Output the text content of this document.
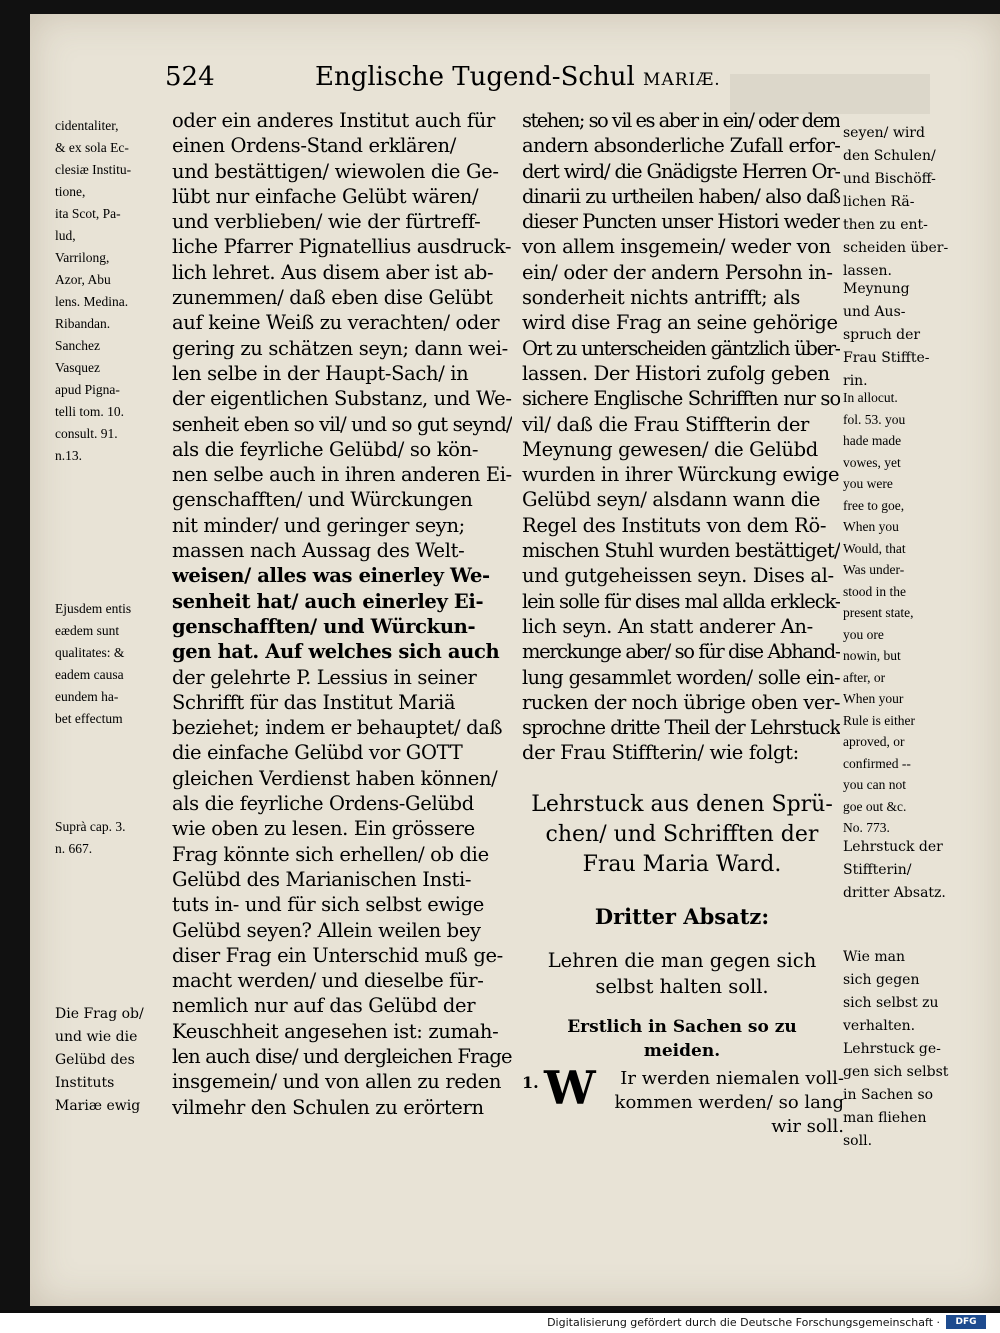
524	Englische Tugend-Schul MARIÆ.
cidentaliter,
& ex sola Ec-
clesiæ Institu-
tione,
ita Scot, Pa-
lud,
Varrilong,
Azor, Abu
lens. Medina.
Ribandan.
Sanchez
Vasquez
apud Pigna-
telli tom. 10.
consult. 91.
n.13.
Ejusdem entis
eædem sunt
qualitates: &
eadem causa
eundem ha-
bet effectum
Suprà cap. 3.
n. 667.
Die Frag ob/
und wie die
Gelübd des
Instituts
Mariæ ewig
seyen/ wird
den Schulen/
und Bischöff-
lichen Rä-
then zu ent-
scheiden über-
lassen.
Meynung
und Aus-
spruch der
Frau Stiffte-
rin.
In allocut.
fol. 53. you
hade made
vowes, yet
you were
free to goe,
When you
Would, that
Was under-
stood in the
present state,
you ore
nowin, but
after, or
When your
Rule is either
aproved, or
confirmed --
you can not
goe out &c.
No. 773.
Lehrstuck der
Stiffterin/
dritter Absatz.
Wie man
sich gegen
sich selbst zu
verhalten.
Lehrstuck ge-
gen sich selbst
in Sachen so
man fliehen
soll.
oder ein anderes Institut auch für
einen Ordens-Stand erklären/
und bestättigen/ wiewolen die Ge-
lübt nur einfache Gelübt wären/
und verblieben/ wie der fürtreff-
liche Pfarrer Pignatellius ausdruck-
lich lehret. Aus disem aber ist ab-
zunemmen/ daß eben dise Gelübt
auf keine Weiß zu verachten/ oder
gering zu schätzen seyn; dann wei-
len selbe in der Haupt-Sach/ in
der eigentlichen Substanz, und We-
senheit eben so vil/ und so gut seynd/
als die feyrliche Gelübd/ so kön-
nen selbe auch in ihren anderen Ei-
genschafften/ und Würckungen
nit minder/ und geringer seyn;
massen nach Aussag des Welt-
weisen/ alles was einerley We-
senheit hat/ auch einerley Ei-
genschafften/ und Würckun-
gen hat. Auf welches sich auch
der gelehrte P. Lessius in seiner
Schrifft für das Institut Mariä
beziehet; indem er behauptet/ daß
die einfache Gelübd vor GOTT
gleichen Verdienst haben können/
als die feyrliche Ordens-Gelübd
wie oben zu lesen. Ein grössere
Frag könnte sich erhellen/ ob die
Gelübd des Marianischen Insti-
tuts in- und für sich selbst ewige
Gelübd seyen? Allein weilen bey
diser Frag ein Unterschid muß ge-
macht werden/ und dieselbe für-
nemlich nur auf das Gelübd der
Keuschheit angesehen ist: zumah-
len auch dise/ und dergleichen Frage
insgemein/ und von allen zu reden
vilmehr den Schulen zu erörtern
stehen; so vil es aber in ein/ oder dem
andern absonderliche Zufall erfor-
dert wird/ die Gnädigste Herren Or-
dinarii zu urtheilen haben/ also daß
dieser Puncten unser Histori weder
von allem insgemein/ weder von
ein/ oder der andern Persohn in-
sonderheit nichts antrifft; als
wird dise Frag an seine gehörige
Ort zu unterscheiden gäntzlich über-
lassen. Der Histori zufolg geben
sichere Englische Schrifften nur so
vil/ daß die Frau Stiffterin der
Meynung gewesen/ die Gelübd
wurden in ihrer Würckung ewige
Gelübd seyn/ alsdann wann die
Regel des Instituts von dem Rö-
mischen Stuhl wurden bestättiget/
und gutgeheissen seyn. Dises al-
lein solle für dises mal allda erkleck-
lich seyn. An statt anderer An-
merckunge aber/ so für dise Abhand-
lung gesammlet worden/ solle ein-
rucken der noch übrige oben ver-
sprochne dritte Theil der Lehrstuck
der Frau Stiffterin/ wie folgt:
Lehrstuck aus denen Sprü-
chen/ und Schrifften der
Frau Maria Ward.
Dritter Absatz:
Lehren die man gegen sich
selbst halten soll.
Erstlich in Sachen so zu
meiden.
1. W	Ir werden niemalen voll-
kommen werden/ so lang
wir soll.
Digitalisierung gefördert durch die Deutsche Forschungsgemeinschaft ·	DFG
